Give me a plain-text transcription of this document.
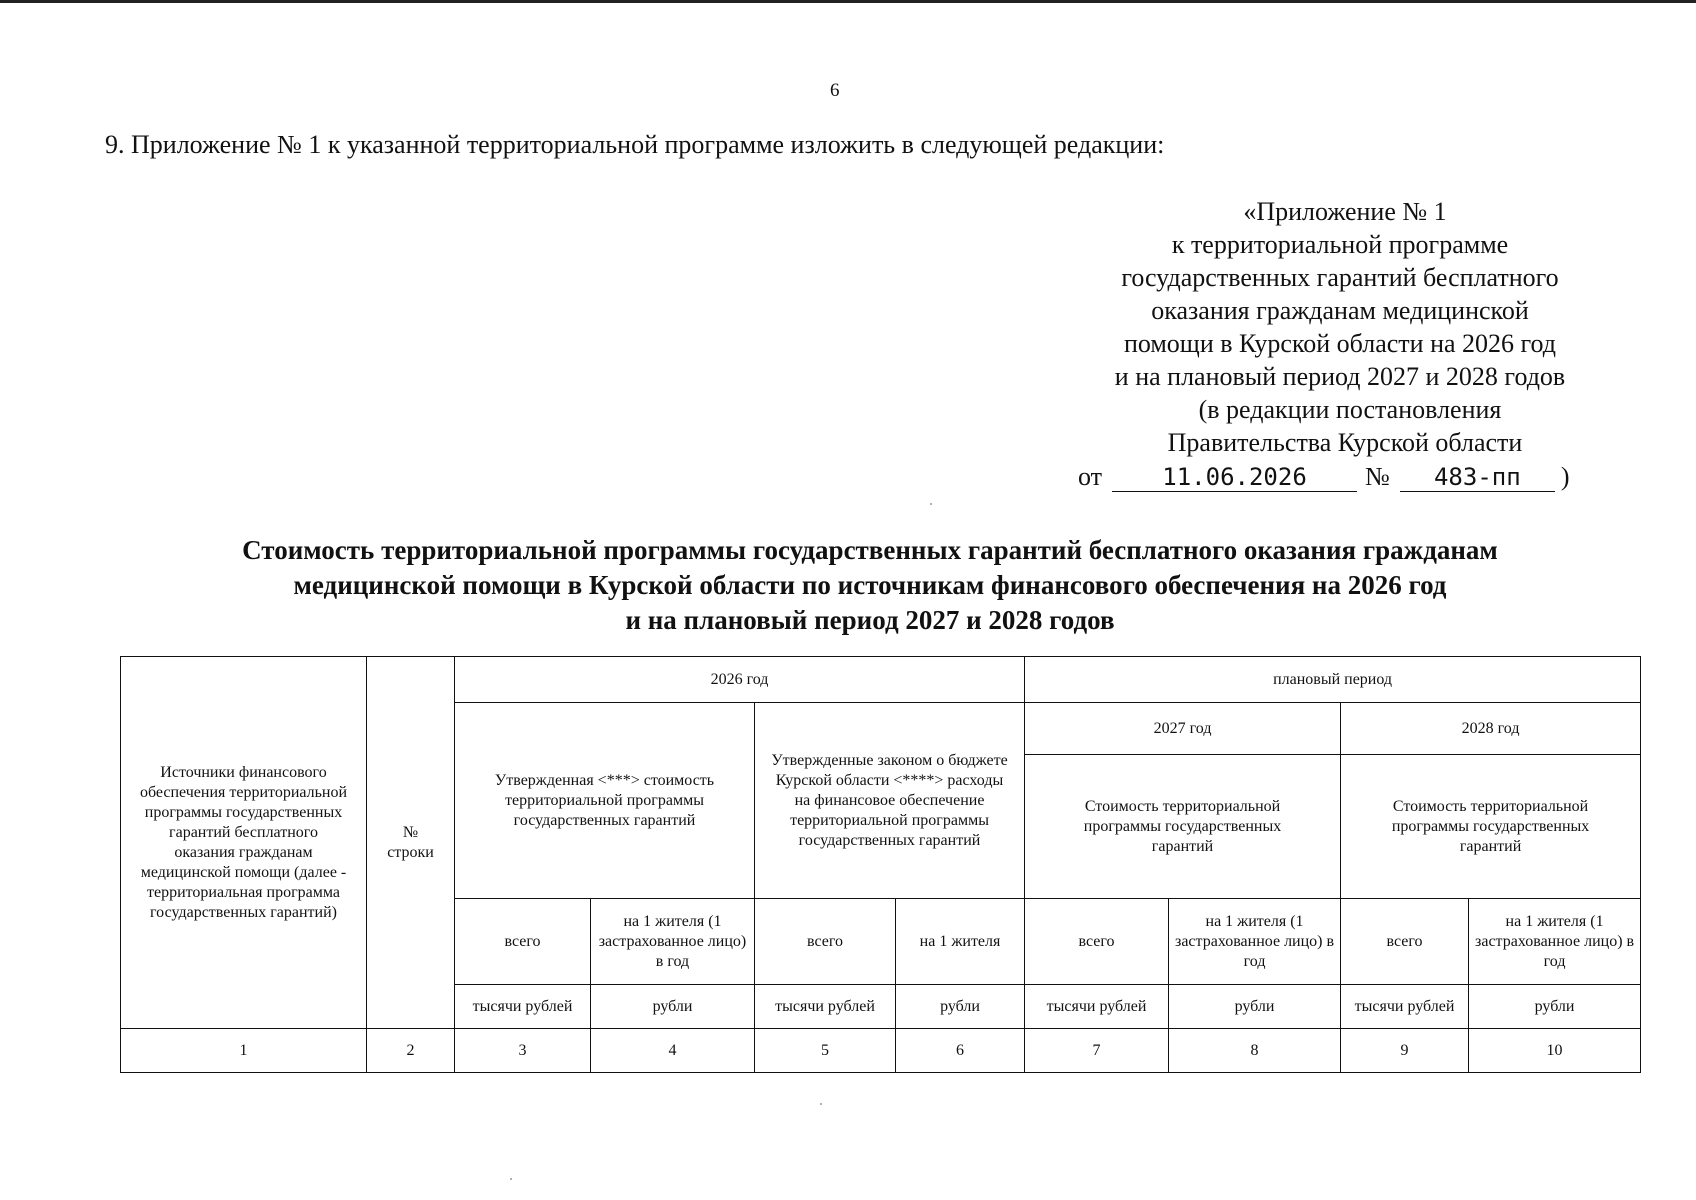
6
9. Приложение № 1 к указанной территориальной программе изложить в следующей редакции:
«Приложение № 1
к территориальной программе
государственных гарантий бесплатного
оказания гражданам медицинской
помощи в Курской области на 2026 год
и на плановый период 2027 и 2028 годов
(в редакции постановления
Правительства Курской области
от	11.06.2026	№	483-пп	)
Стоимость территориальной программы государственных гарантий бесплатного оказания гражданам
медицинской помощи в Курской области по источникам финансового обеспечения на 2026 год
и на плановый период 2027 и 2028 годов
Источники финансового обеспечения территориальной программы государственных гарантий бесплатного оказания гражданам медицинской помощи (далее - территориальная программа государственных гарантий)	№ строки	2026 год				плановый период			
		Утвержденная <***> стоимость территориальной программы государственных гарантий		Утвержденные законом о бюджете Курской области <****> расходы на финансовое обеспечение территориальной программы государственных гарантий		2027 год		2028 год	
						Стоимость территориальной программы государственных гарантий		Стоимость территориальной программы государственных гарантий	
		всего	на 1 жителя (1 застрахованное лицо) в год	всего	на 1 жителя	всего	на 1 жителя (1 застрахованное лицо) в год	всего	на 1 жителя (1 застрахованное лицо) в год
		тысячи рублей	рубли	тысячи рублей	рубли	тысячи рублей	рубли	тысячи рублей	рубли
1	2	3	4	5	6	7	8	9	10
